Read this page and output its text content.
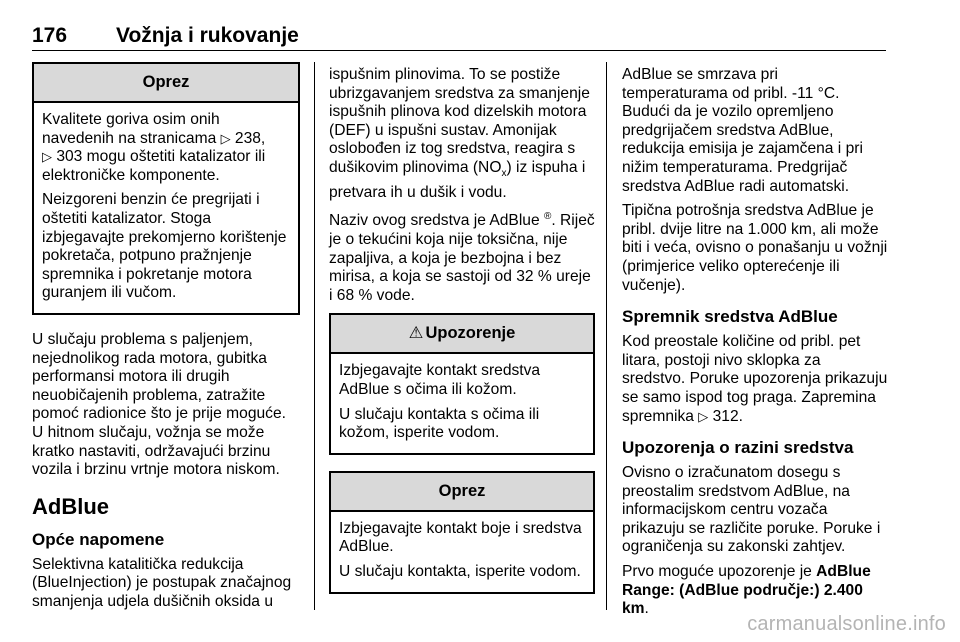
176 Vožnja i rukovanje
Oprez

Kvalitete goriva osim onih navedenih na stranicama ▷ 238,
▷ 303 mogu oštetiti katalizator ili elektroničke komponente.

Neizgoreni benzin će pregrijati i oštetiti katalizator. Stoga izbjegavajte prekomjerno korištenje pokretača, potpuno pražnjenje spremnika i pokretanje motora guranjem ili vučom.

U slučaju problema s paljenjem, nejednolikog rada motora, gubitka performansi motora ili drugih neuobičajenih problema, zatražite pomoć radionice što je prije moguće. U hitnom slučaju, vožnja se može kratko nastaviti, održavajući brzinu vozila i brzinu vrtnje motora niskom.

AdBlue
Opće napomene

Selektivna katalitička redukcija (BlueInjection) je postupak značajnog smanjenja udjela dušičnih oksida u

ispušnim plinovima. To se postiže ubrizgavanjem sredstva za smanjenje ispušnih plinova kod dizelskih motora (DEF) u ispušni sustav. Amonijak oslobođen iz tog sredstva, reagira s dušikovim plinovima $(NO_x)$ iz ispuha i pretvara ih u dušik i vodu.

Naziv ovog sredstva je AdBlue ®. Riječ je o tekućini koja nije toksična, nije zapaljiva, a koja je bezbojna i bez mirisa, a koja se sastoji od 32 % ureje i 68 % vode.

⚠ Upozorenje

Izbjegavajte kontakt sredstva AdBlue s očima ili kožom.

U slučaju kontakta s očima ili kožom, isperite vodom.

Oprez

Izbjegavajte kontakt boje i sredstva AdBlue.

U slučaju kontakta, isperite vodom.

AdBlue se smrzava pri temperaturama od pribl. -11 °C. Budući da je vozilo opremljeno predgrijačem sredstva AdBlue, redukcija emisija je zajamčena i pri nižim temperaturama. Predgrijač sredstva AdBlue radi automatski.

Tipična potrošnja sredstva AdBlue je pribl. dvije litre na 1.000 km, ali može biti i veća, ovisno o ponašanju u vožnji (primjerice veliko opterećenje ili vučenje).

Spremnik sredstva AdBlue

Kod preostale količine od pribl. pet litara, postoji nivo sklopka za sredstvo. Poruke upozorenja prikazuju se samo ispod tog praga. Zapremina spremnika ▷ 312.

Upozorenja o razini sredstva

Ovisno o izračunatom dosegu s preostalim sredstvom AdBlue, na informacijskom centru vozača prikazuju se različite poruke. Poruke i ograničenja su zakonski zahtjev.

Prvo moguće upozorenje je AdBlue Range: (AdBlue područje:) 2.400 km.

carmanualsonline.info
